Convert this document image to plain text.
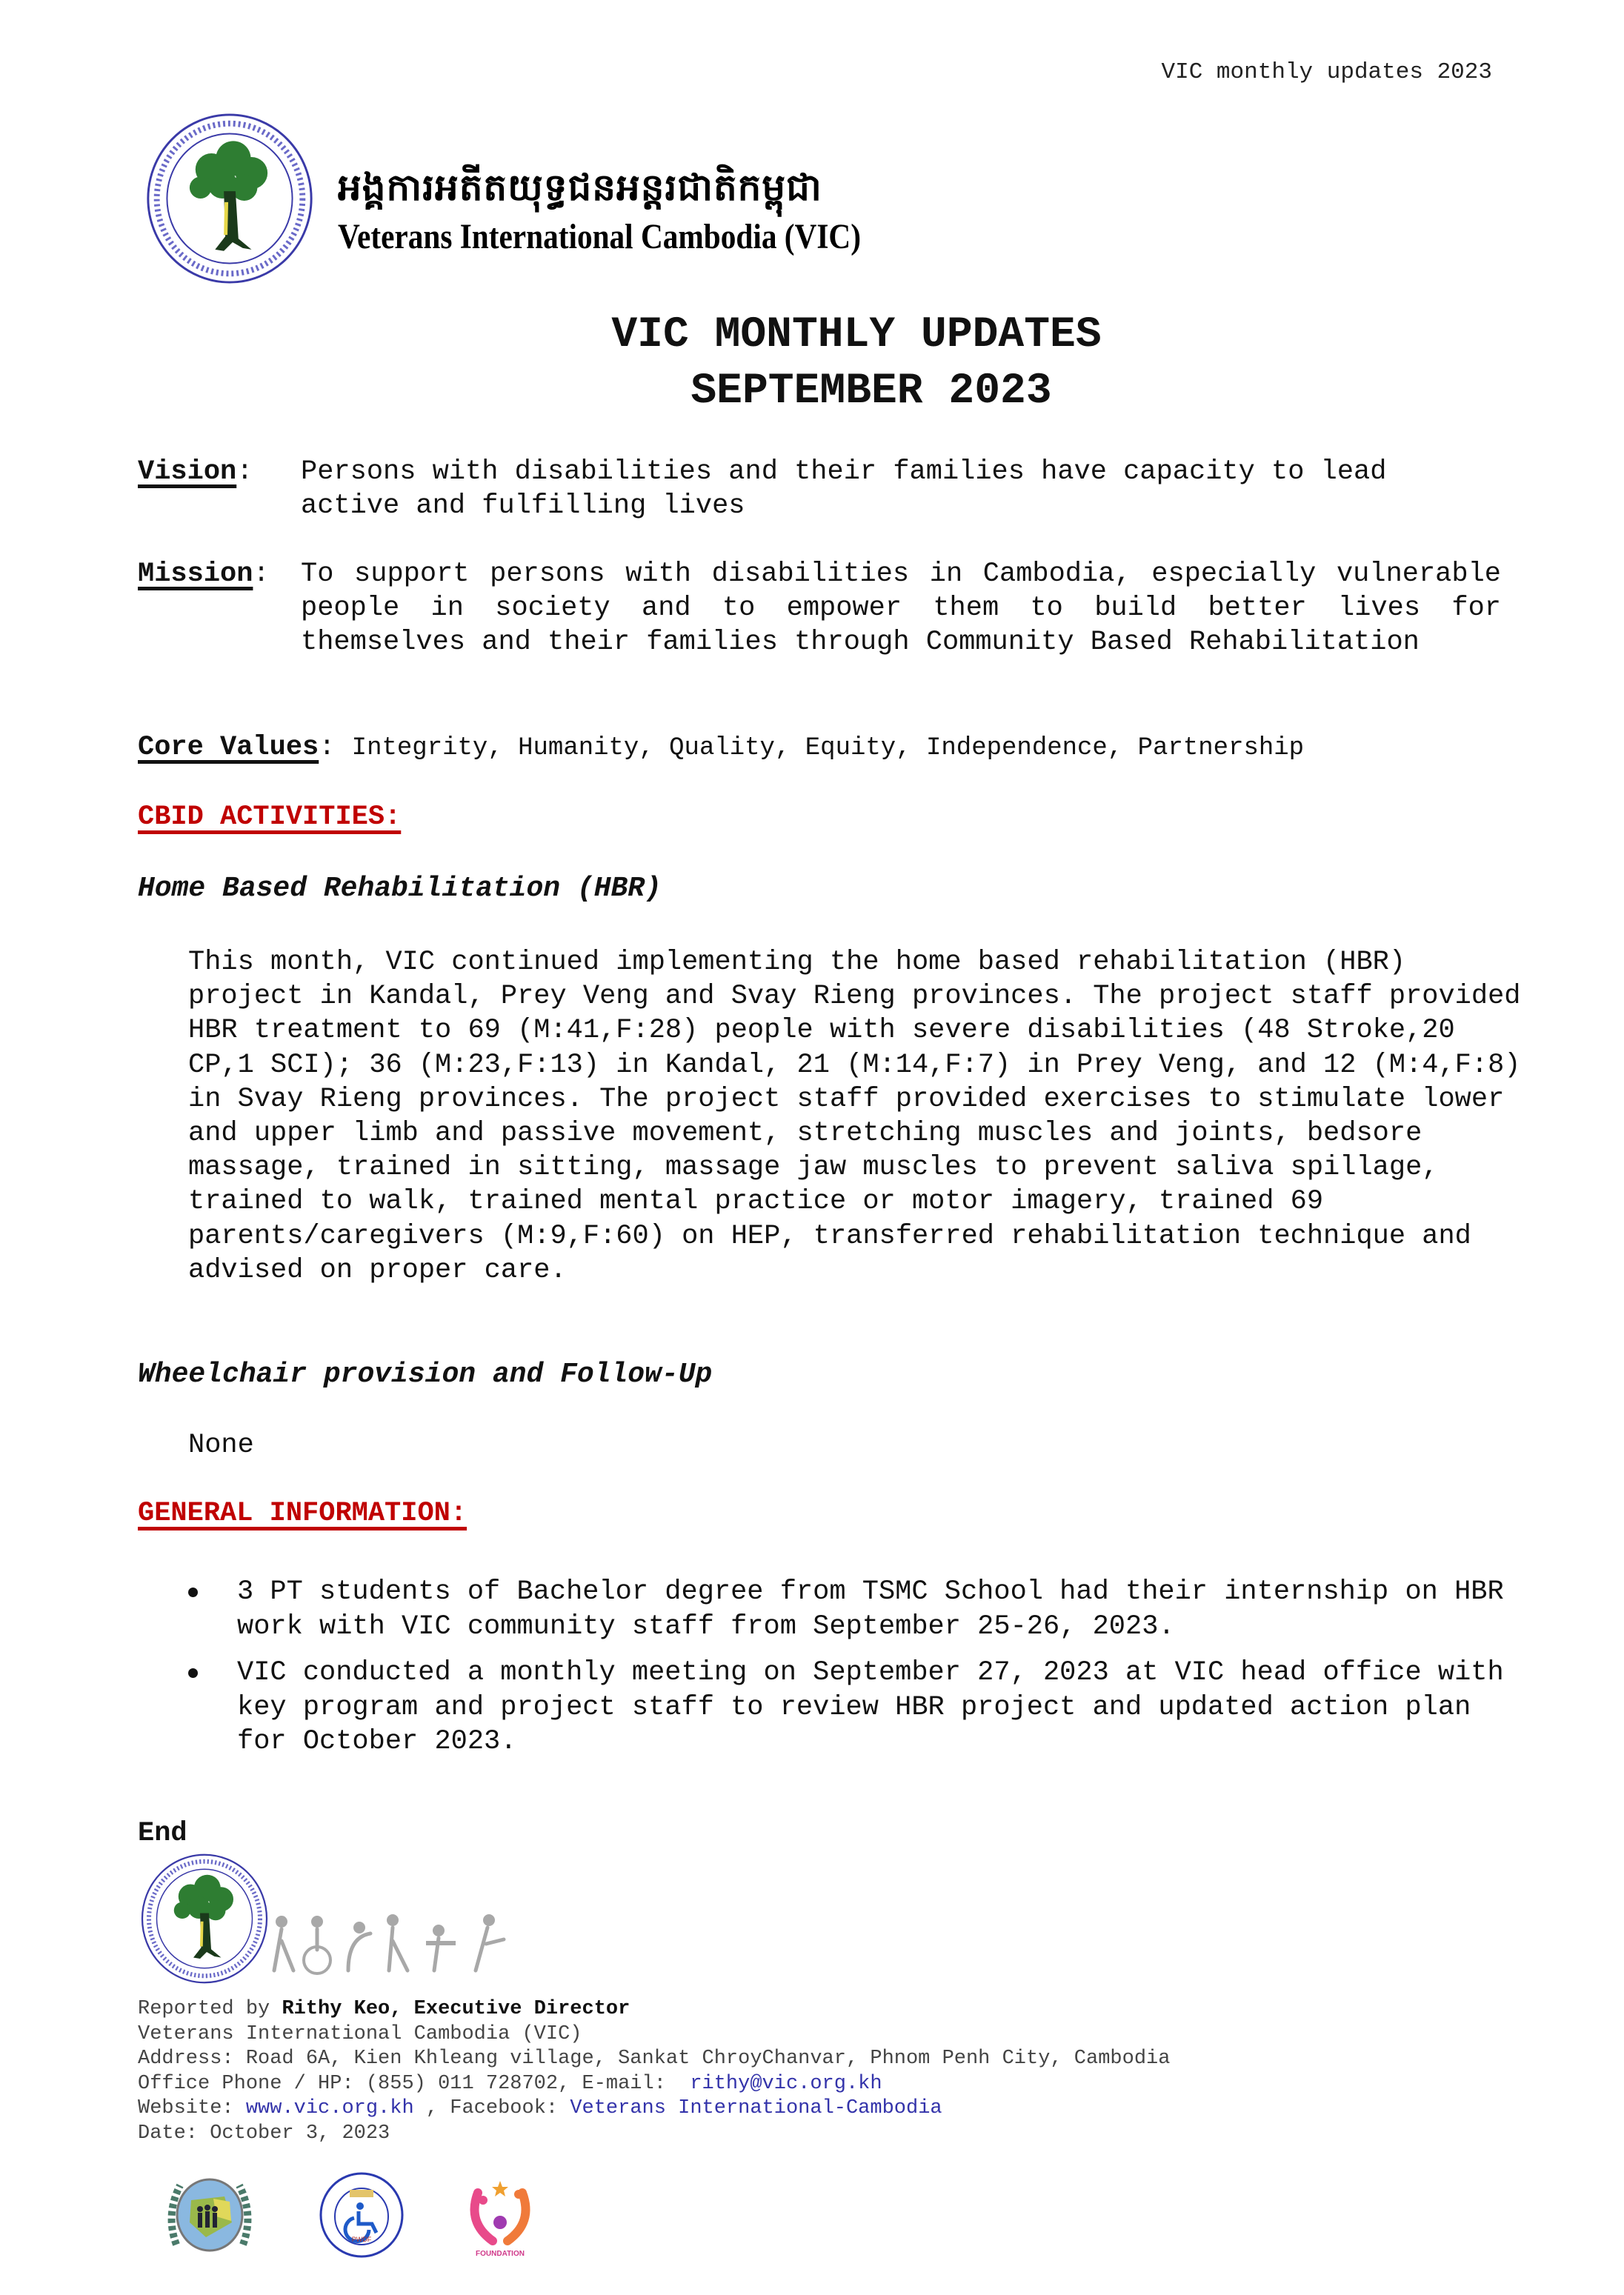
VIC monthly updates 2023
អង្គការអតីតយុទ្ធជនអន្តរជាតិកម្ពុជា
Veterans International Cambodia (VIC)
VIC MONTHLY UPDATES
SEPTEMBER 2023
Vision: Persons with disabilities and their families have capacity to lead active and fulfilling lives
Mission: To support persons with disabilities in Cambodia, especially vulnerable people in society and to empower them to build better lives for themselves and their families through Community Based Rehabilitation
Core Values: Integrity, Humanity, Quality, Equity, Independence, Partnership
CBID ACTIVITIES:
Home Based Rehabilitation (HBR)
This month, VIC continued implementing the home based rehabilitation (HBR) project in Kandal, Prey Veng and Svay Rieng provinces. The project staff provided HBR treatment to 69 (M:41,F:28) people with severe disabilities (48 Stroke,20 CP,1 SCI); 36 (M:23,F:13) in Kandal, 21 (M:14,F:7) in Prey Veng, and 12 (M:4,F:8) in Svay Rieng provinces. The project staff provided exercises to stimulate lower and upper limb and passive movement, stretching muscles and joints, bedsore massage, trained in sitting, massage jaw muscles to prevent saliva spillage, trained to walk, trained mental practice or motor imagery, trained 69 parents/caregivers (M:9,F:60) on HEP, transferred rehabilitation technique and advised on proper care.
Wheelchair provision and Follow-Up
None
GENERAL INFORMATION:
3 PT students of Bachelor degree from TSMC School had their internship on HBR work with VIC community staff from September 25-26, 2023.
VIC conducted a monthly meeting on September 27, 2023 at VIC head office with key program and project staff to review HBR project and updated action plan for October 2023.
End
Reported by Rithy Keo, Executive Director
Veterans International Cambodia (VIC)
Address: Road 6A, Kien Khleang village, Sankat ChroyChanvar, Phnom Penh City, Cambodia
Office Phone / HP: (855) 011 728702, E-mail:  rithy@vic.org.kh
Website: www.vic.org.kh , Facebook: Veterans International-Cambodia
Date: October 3, 2023
PWDF
FOUNDATION
